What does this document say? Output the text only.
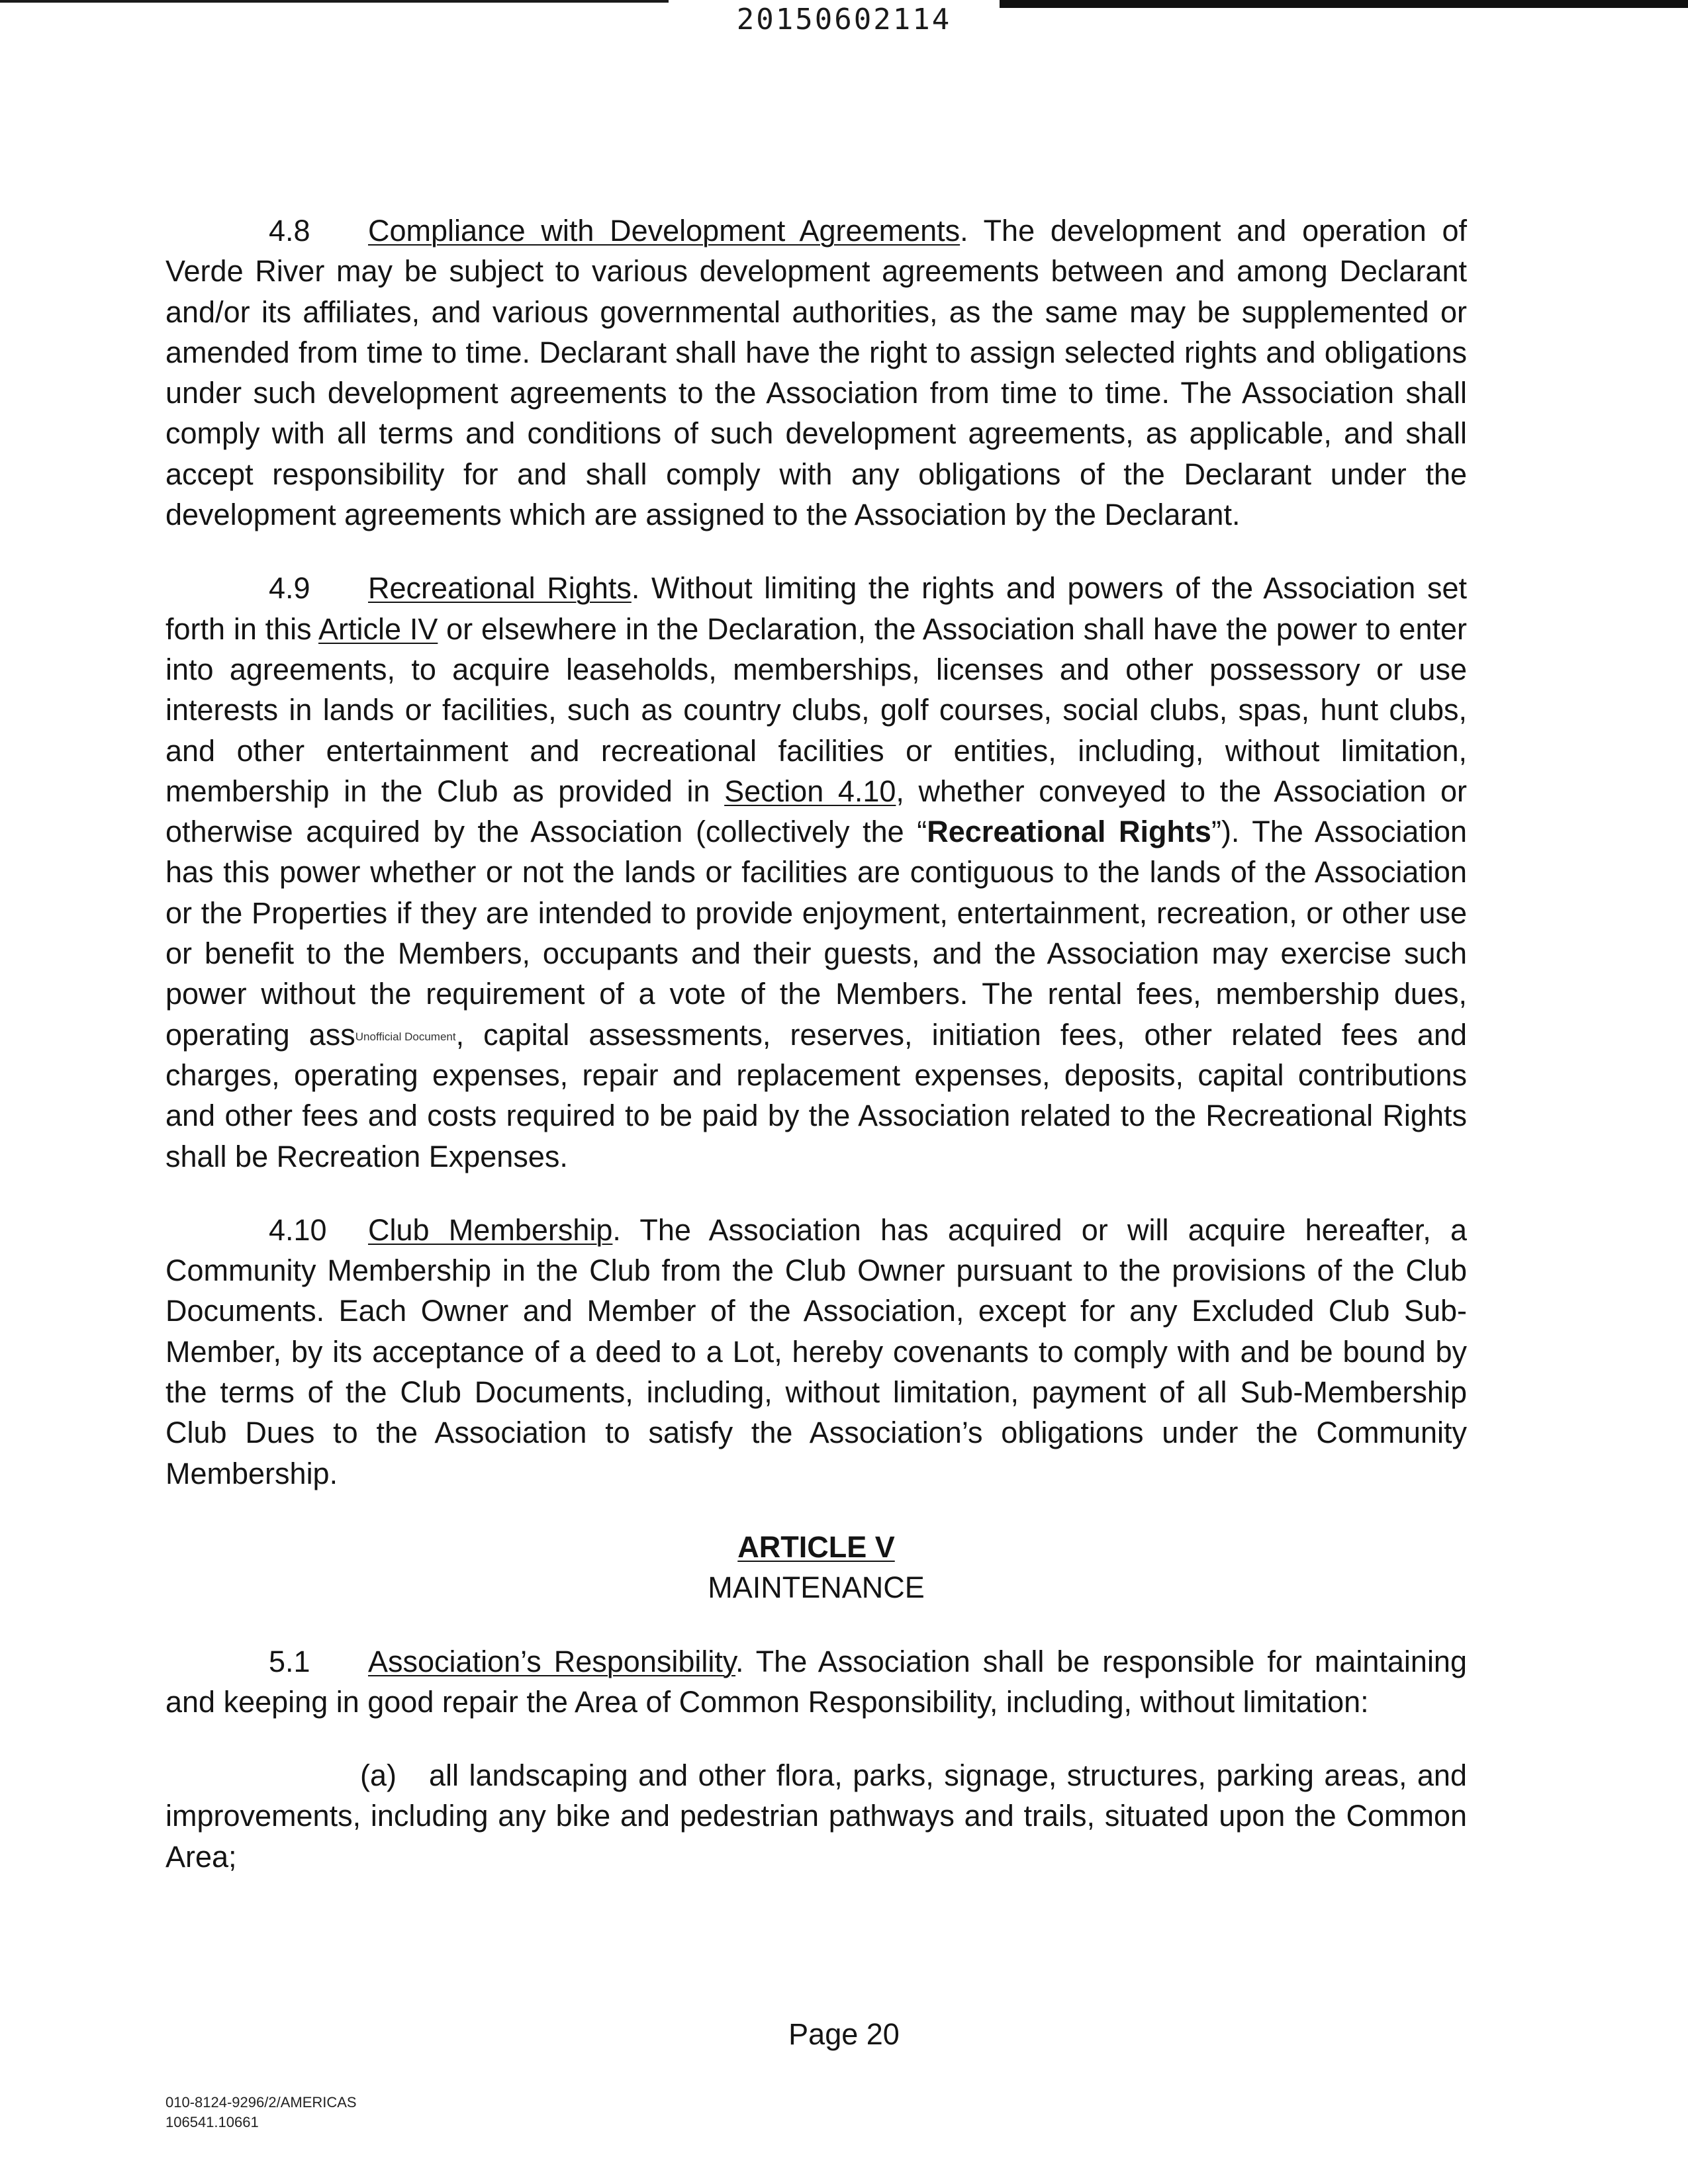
20150602114

4.8 Compliance with Development Agreements. The development and operation of Verde River may be subject to various development agreements between and among Declarant and/or its affiliates, and various governmental authorities, as the same may be supplemented or amended from time to time. Declarant shall have the right to assign selected rights and obligations under such development agreements to the Association from time to time. The Association shall comply with all terms and conditions of such development agreements, as applicable, and shall accept responsibility for and shall comply with any obligations of the Declarant under the development agreements which are assigned to the Association by the Declarant.

4.9 Recreational Rights. Without limiting the rights and powers of the Association set forth in this Article IV or elsewhere in the Declaration, the Association shall have the power to enter into agreements, to acquire leaseholds, memberships, licenses and other possessory or use interests in lands or facilities, such as country clubs, golf courses, social clubs, spas, hunt clubs, and other entertainment and recreational facilities or entities, including, without limitation, membership in the Club as provided in Section 4.10, whether conveyed to the Association or otherwise acquired by the Association (collectively the “Recreational Rights”). The Association has this power whether or not the lands or facilities are contiguous to the lands of the Association or the Properties if they are intended to provide enjoyment, entertainment, recreation, or other use or benefit to the Members, occupants and their guests, and the Association may exercise such power without the requirement of a vote of the Members. The rental fees, membership dues, operating assUnofficial Document, capital assessments, reserves, initiation fees, other related fees and charges, operating expenses, repair and replacement expenses, deposits, capital contributions and other fees and costs required to be paid by the Association related to the Recreational Rights shall be Recreation Expenses.

4.10 Club Membership. The Association has acquired or will acquire hereafter, a Community Membership in the Club from the Club Owner pursuant to the provisions of the Club Documents. Each Owner and Member of the Association, except for any Excluded Club Sub-Member, by its acceptance of a deed to a Lot, hereby covenants to comply with and be bound by the terms of the Club Documents, including, without limitation, payment of all Sub-Membership Club Dues to the Association to satisfy the Association’s obligations under the Community Membership.

ARTICLE V

MAINTENANCE

5.1 Association’s Responsibility. The Association shall be responsible for maintaining and keeping in good repair the Area of Common Responsibility, including, without limitation:

(a) all landscaping and other flora, parks, signage, structures, parking areas, and improvements, including any bike and pedestrian pathways and trails, situated upon the Common Area;

Page 20
010-8124-9296/2/AMERICAS
106541.10661
